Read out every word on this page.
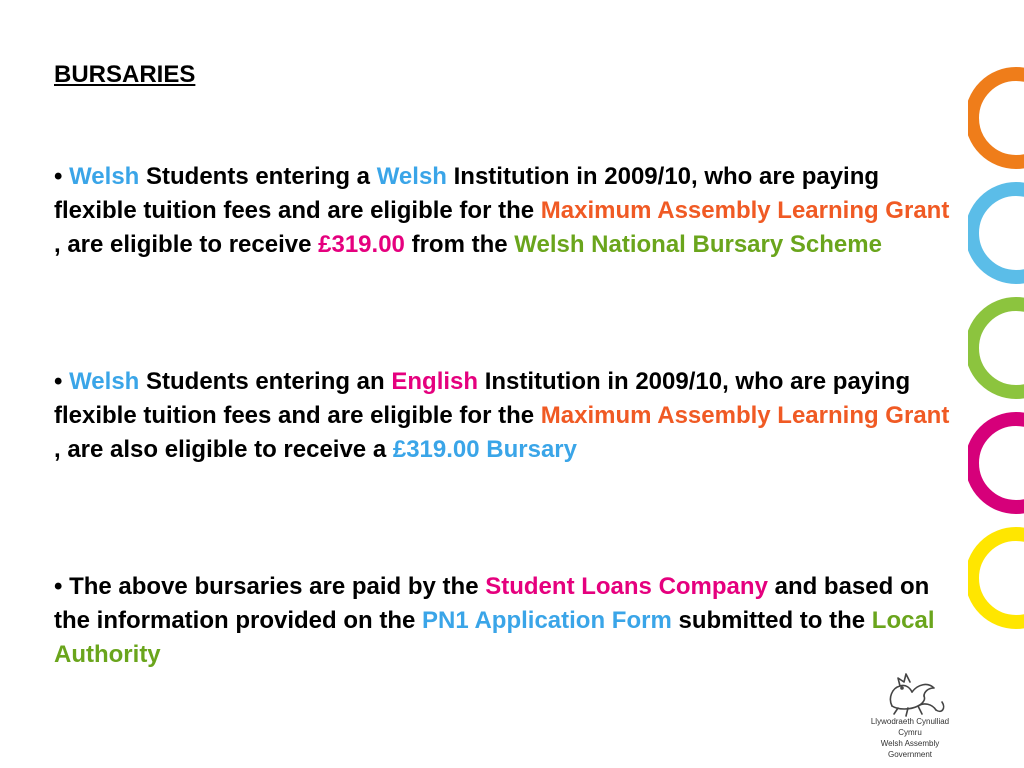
BURSARIES

• Welsh Students entering a Welsh Institution in 2009/10, who are paying flexible tuition fees and are eligible for the Maximum Assembly Learning Grant , are eligible to receive £319.00 from the Welsh National Bursary Scheme

• Welsh Students entering an English Institution in 2009/10, who are paying flexible tuition fees and are eligible for the Maximum Assembly Learning Grant , are also eligible to receive a £319.00 Bursary

• The above bursaries are paid by the Student Loans Company and based on the information provided on the PN1 Application Form submitted to the Local Authority

Llywodraeth Cynulliad Cymru
Welsh Assembly Government
